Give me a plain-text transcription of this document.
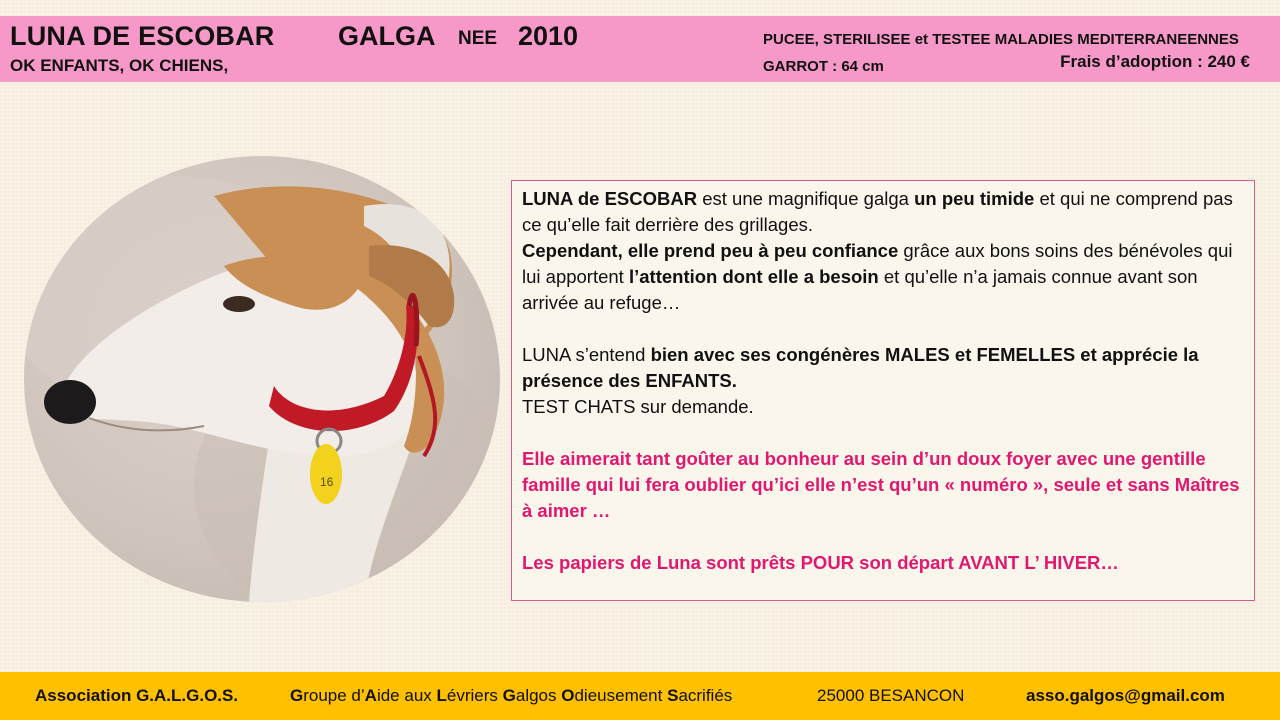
LUNA DE ESCOBAR GALGA NEE 2010
OK ENFANTS, OK CHIENS,
PUCEE, STERILISEE et TESTEE MALADIES MEDITERRANEENNES
GARROT : 64 cm	Frais d’adoption : 240 €
16

LUNA de ESCOBAR est une magnifique galga un peu timide et qui ne comprend pas ce qu’elle fait derrière des grillages.

Cependant, elle prend peu à peu confiance grâce aux bons soins des bénévoles qui lui apportent l’attention dont elle a besoin et qu’elle n’a jamais connue avant son arrivée au refuge…

LUNA s’entend bien avec ses congénères MALES et FEMELLES et apprécie la présence des ENFANTS.

TEST CHATS sur demande.

Elle aimerait tant goûter au bonheur au sein d’un doux foyer avec une gentille famille qui lui fera oublier qu’ici elle n’est qu’un « numéro », seule et sans Maîtres à aimer …

Les papiers de Luna sont prêts POUR son départ AVANT L’ HIVER…

Association G.A.L.G.O.S.	Groupe d’Aide aux Lévriers Galgos Odieusement Sacrifiés	25000 BESANCON	asso.galgos@gmail.com
